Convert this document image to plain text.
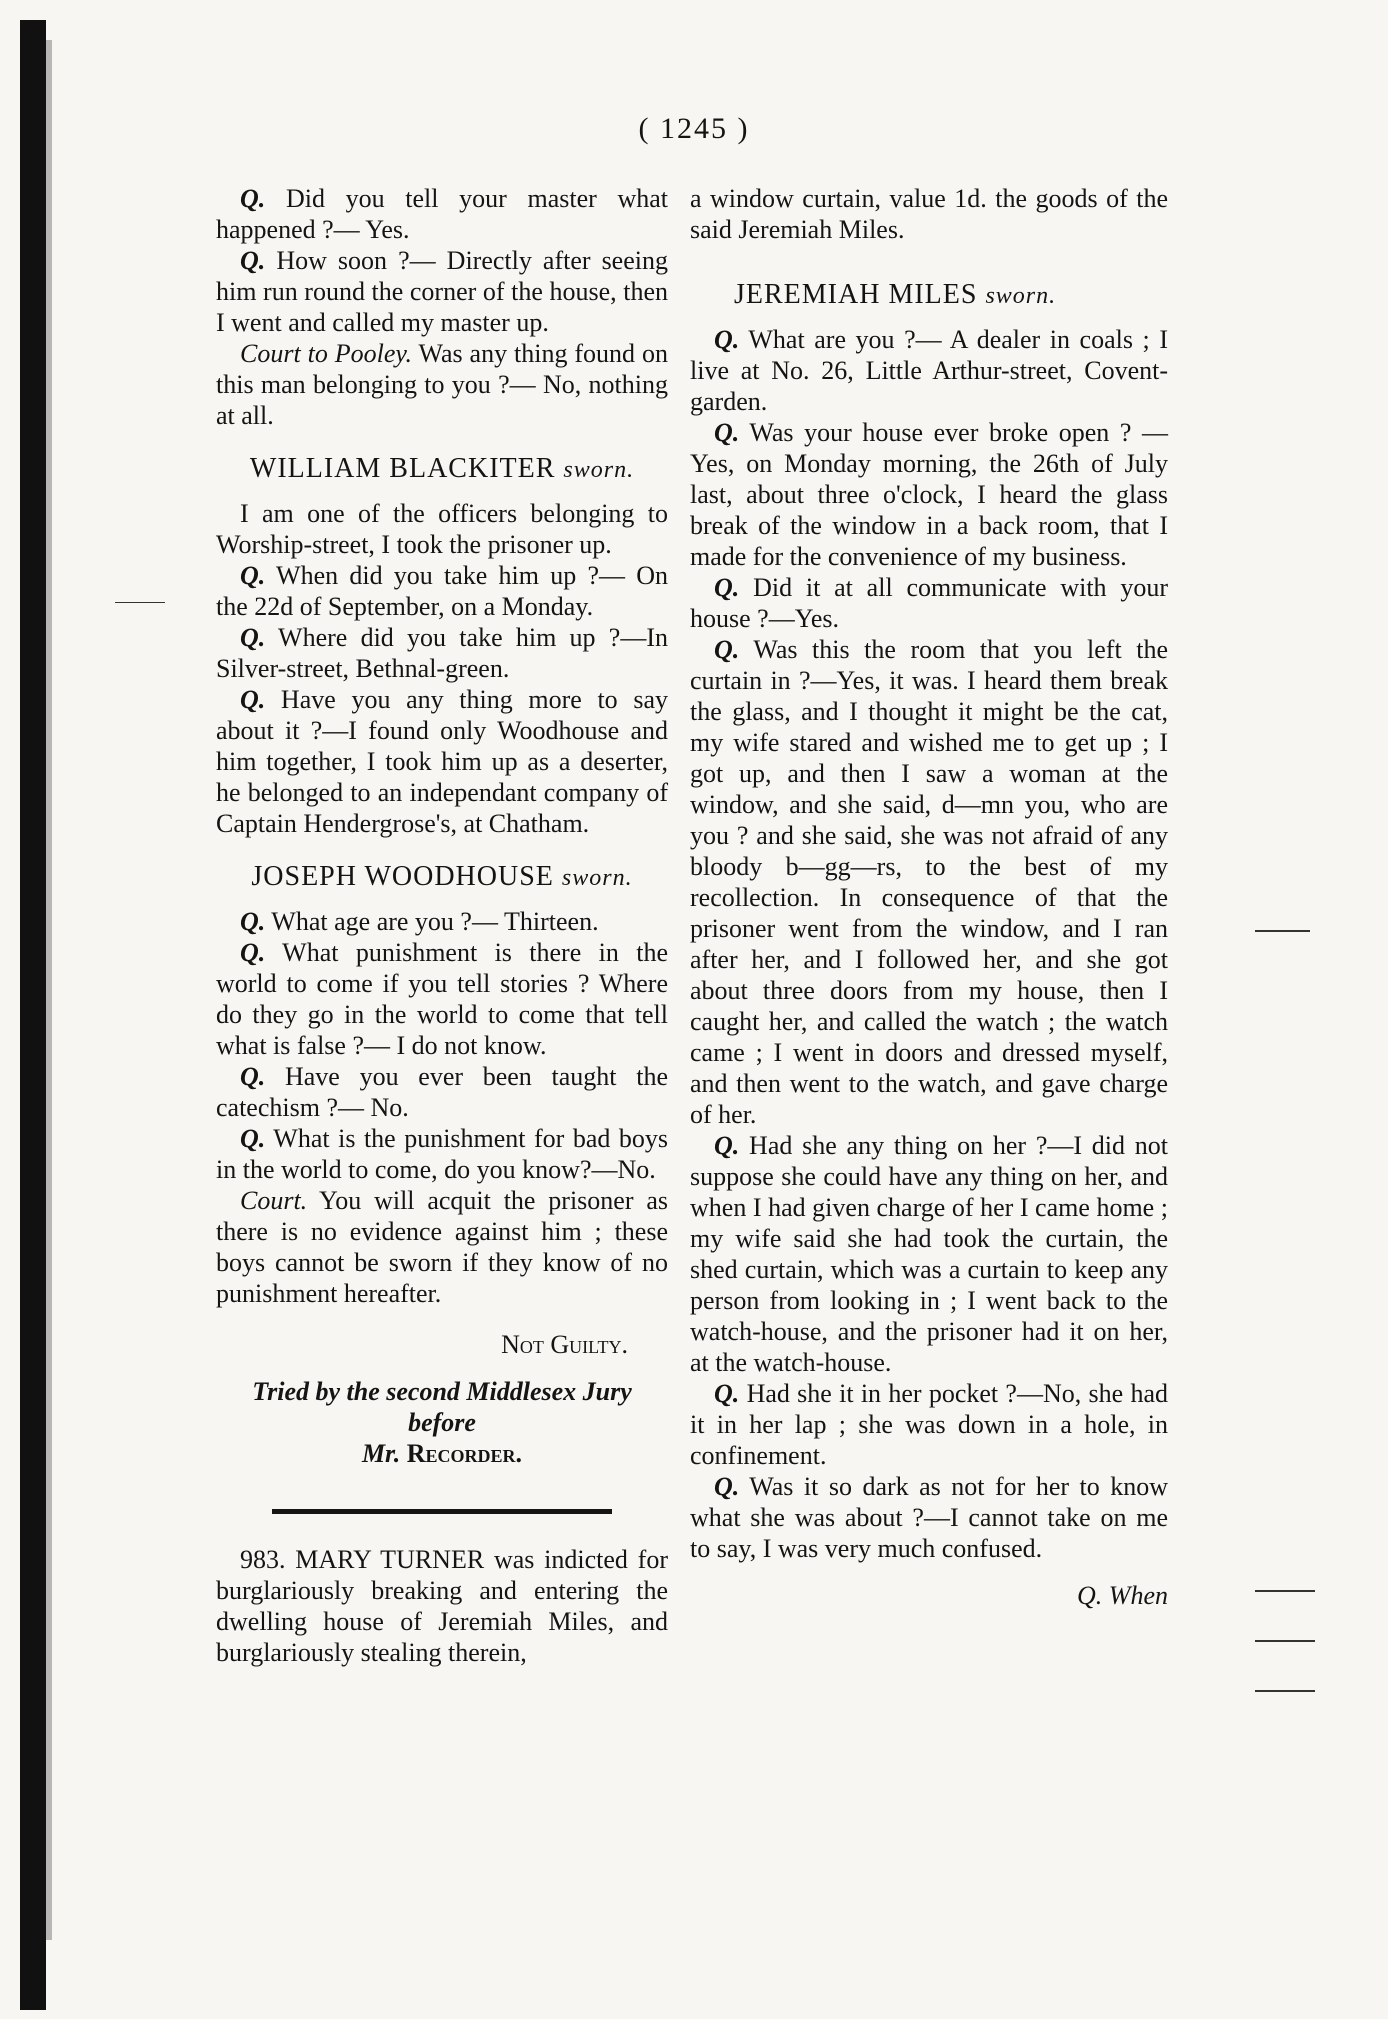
( 1245 )

Q. Did you tell your master what happened ?— Yes.

Q. How soon ?— Directly after seeing him run round the corner of the house, then I went and called my master up.

Court to Pooley. Was any thing found on this man belonging to you ?— No, nothing at all.

WILLIAM BLACKITER sworn.

I am one of the officers belonging to Worship-street, I took the prisoner up.

Q. When did you take him up ?— On the 22d of September, on a Monday.

Q. Where did you take him up ?—In Silver-street, Bethnal-green.

Q. Have you any thing more to say about it ?—I found only Woodhouse and him together, I took him up as a deserter, he belonged to an independant company of Captain Hendergrose's, at Chatham.

JOSEPH WOODHOUSE sworn.

Q. What age are you ?— Thirteen.

Q. What punishment is there in the world to come if you tell stories ? Where do they go in the world to come that tell what is false ?— I do not know.

Q. Have you ever been taught the catechism ?— No.

Q. What is the punishment for bad boys in the world to come, do you know?—No.

Court. You will acquit the prisoner as there is no evidence against him ; these boys cannot be sworn if they know of no punishment hereafter.

Not Guilty.
Tried by the second Middlesex Jury before
Mr. Recorder.

983. MARY TURNER was indicted for burglariously breaking and entering the dwelling house of Jeremiah Miles, and burglariously stealing therein,

a window curtain, value 1d. the goods of the said Jeremiah Miles.

JEREMIAH MILES sworn.

Q. What are you ?— A dealer in coals ; I live at No. 26, Little Arthur-street, Covent-garden.

Q. Was your house ever broke open ? —Yes, on Monday morning, the 26th of July last, about three o'clock, I heard the glass break of the window in a back room, that I made for the convenience of my business.

Q. Did it at all communicate with your house ?—Yes.

Q. Was this the room that you left the curtain in ?—Yes, it was. I heard them break the glass, and I thought it might be the cat, my wife stared and wished me to get up ; I got up, and then I saw a woman at the window, and she said, d—mn you, who are you ? and she said, she was not afraid of any bloody b—gg—rs, to the best of my recollection. In consequence of that the prisoner went from the window, and I ran after her, and I followed her, and she got about three doors from my house, then I caught her, and called the watch ; the watch came ; I went in doors and dressed myself, and then went to the watch, and gave charge of her.

Q. Had she any thing on her ?—I did not suppose she could have any thing on her, and when I had given charge of her I came home ; my wife said she had took the curtain, the shed curtain, which was a curtain to keep any person from looking in ; I went back to the watch-house, and the prisoner had it on her, at the watch-house.

Q. Had she it in her pocket ?—No, she had it in her lap ; she was down in a hole, in confinement.

Q. Was it so dark as not for her to know what she was about ?—I cannot take on me to say, I was very much confused.

Q. When
